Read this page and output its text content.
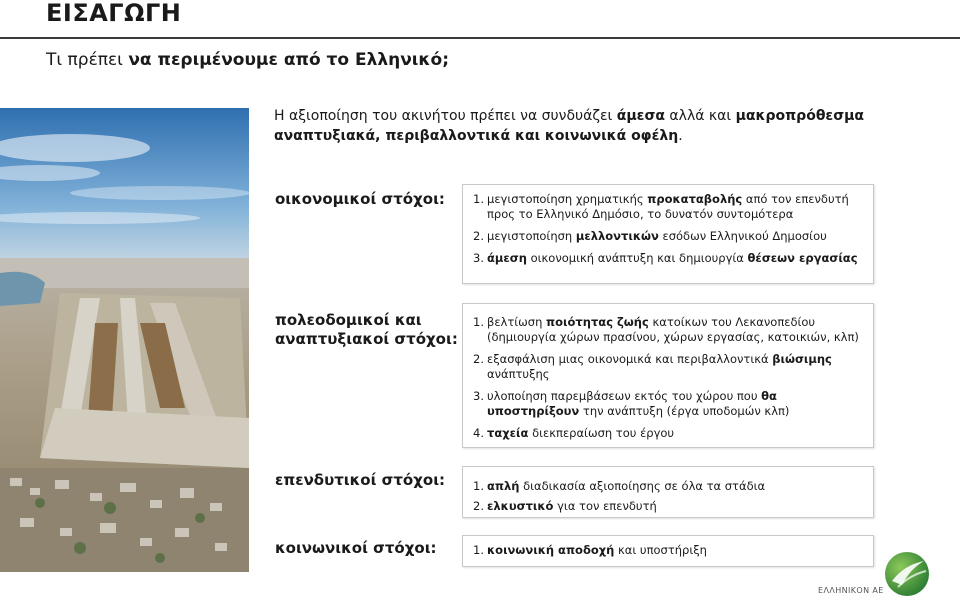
ΕΙΣΑΓΩΓΗ
Τι πρέπει να περιμένουμε από το Ελληνικό;
Η αξιοποίηση του ακινήτου πρέπει να συνδυάζει άμεσα αλλά και μακροπρόθεσμα αναπτυξιακά, περιβαλλοντικά και κοινωνικά οφέλη.
οικονομικοί στόχοι: 1. μεγιστοποίηση χρηματικής προκαταβολής από τον επενδυτή προς το Ελληνικό Δημόσιο, το δυνατόν συντομότερα
2. μεγιστοποίηση μελλοντικών εσόδων Ελληνικού Δημοσίου
3. άμεση οικονομική ανάπτυξη και δημιουργία θέσεων εργασίας
πολεοδομικοί και
αναπτυξιακοί στόχοι:
1. βελτίωση ποιότητας ζωής κατοίκων του Λεκανοπεδίου (δημιουργία χώρων πρασίνου, χώρων εργασίας, κατοικιών, κλπ)
2. εξασφάλιση μιας οικονομικά και περιβαλλοντικά βιώσιμης ανάπτυξης
3. υλοποίηση παρεμβάσεων εκτός του χώρου που θα υποστηρίξουν την ανάπτυξη (έργα υποδομών κλπ)
4. ταχεία διεκπεραίωση του έργου
επενδυτικοί στόχοι: 1. απλή διαδικασία αξιοποίησης σε όλα τα στάδια
2. ελκυστικό για τον επενδυτή
κοινωνικοί στόχοι:	1. κοινωνική αποδοχή και υποστήριξη
ΕΛΛΗΝΙΚΟΝ ΑΕ
